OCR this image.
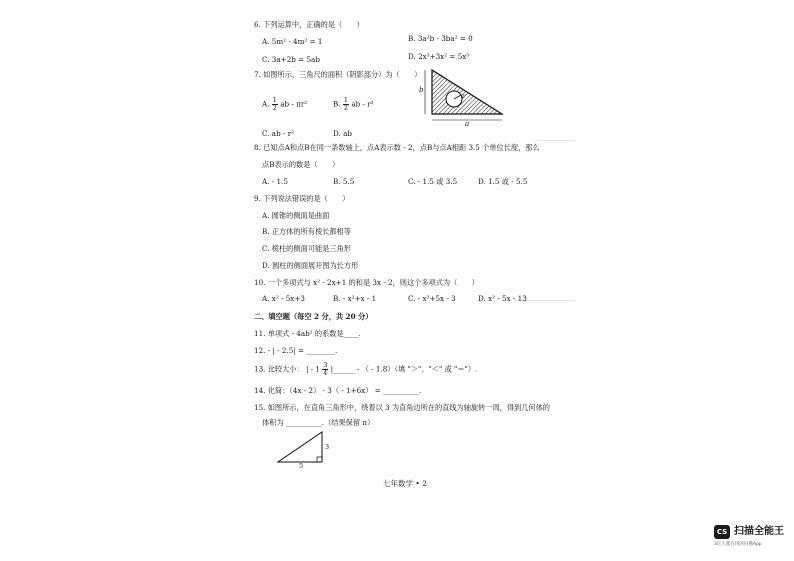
6. 下列运算中，正确的是（　　）
A. 5m² - 4m² = 1	B. 3a²b - 3ba² = 0
C. 3a+2b = 5ab	D. 2x³+3x² = 5x⁵
7. 如图所示，三角尺的面积（阴影部分）为（　　）
A. $\frac{1}{2}$ ab - πr²	B. $\frac{1}{2}$ ab - r²
C. ab - r²	D. ab
b
r
a
8. 已知点A和点B在同一条数轴上，点A表示数 - 2，点B与点A相距 3.5 个单位长度，那么
点B表示的数是（　　）
A. - 1.5	B. 5.5	C. - 1.5 或 3.5	D. 1.5 或 - 5.5
9. 下列说法错误的是（　　）
A. 圆锥的侧面是曲面
B. 正方体的所有棱长都相等
C. 棱柱的侧面可能是三角形
D. 圆柱的侧面展开图为长方形
10. 一个多项式与 x² - 2x+1 的和是 3x - 2，则这个多项式为（　　）
A. x² - 5x+3	B. - x²+x - 1	C. - x²+5x - 3	D. x² - 5x - 13
二、填空题（每空 2 分，共 20 分）
11. 单项式 - 4ab² 的系数是____.
12. - | - 2.5| = ________.
13. 比较大小： | - $1 \frac{3}{4}$ |______ - （ - 1.8）（填 "＞"、"＜" 或 "＝"）.
14. 化简：（4x - 2） - 3（ - 1+6x） = __________.
15. 如图所示，在直角三角形中，绕着以 3 为直角边所在的直线为轴旋转一周，得到几何体的
体积为 __________.（结果保留 π）
3
5
七年数学 • 2
CS 扫描全能王
3亿人都在用的扫描App
